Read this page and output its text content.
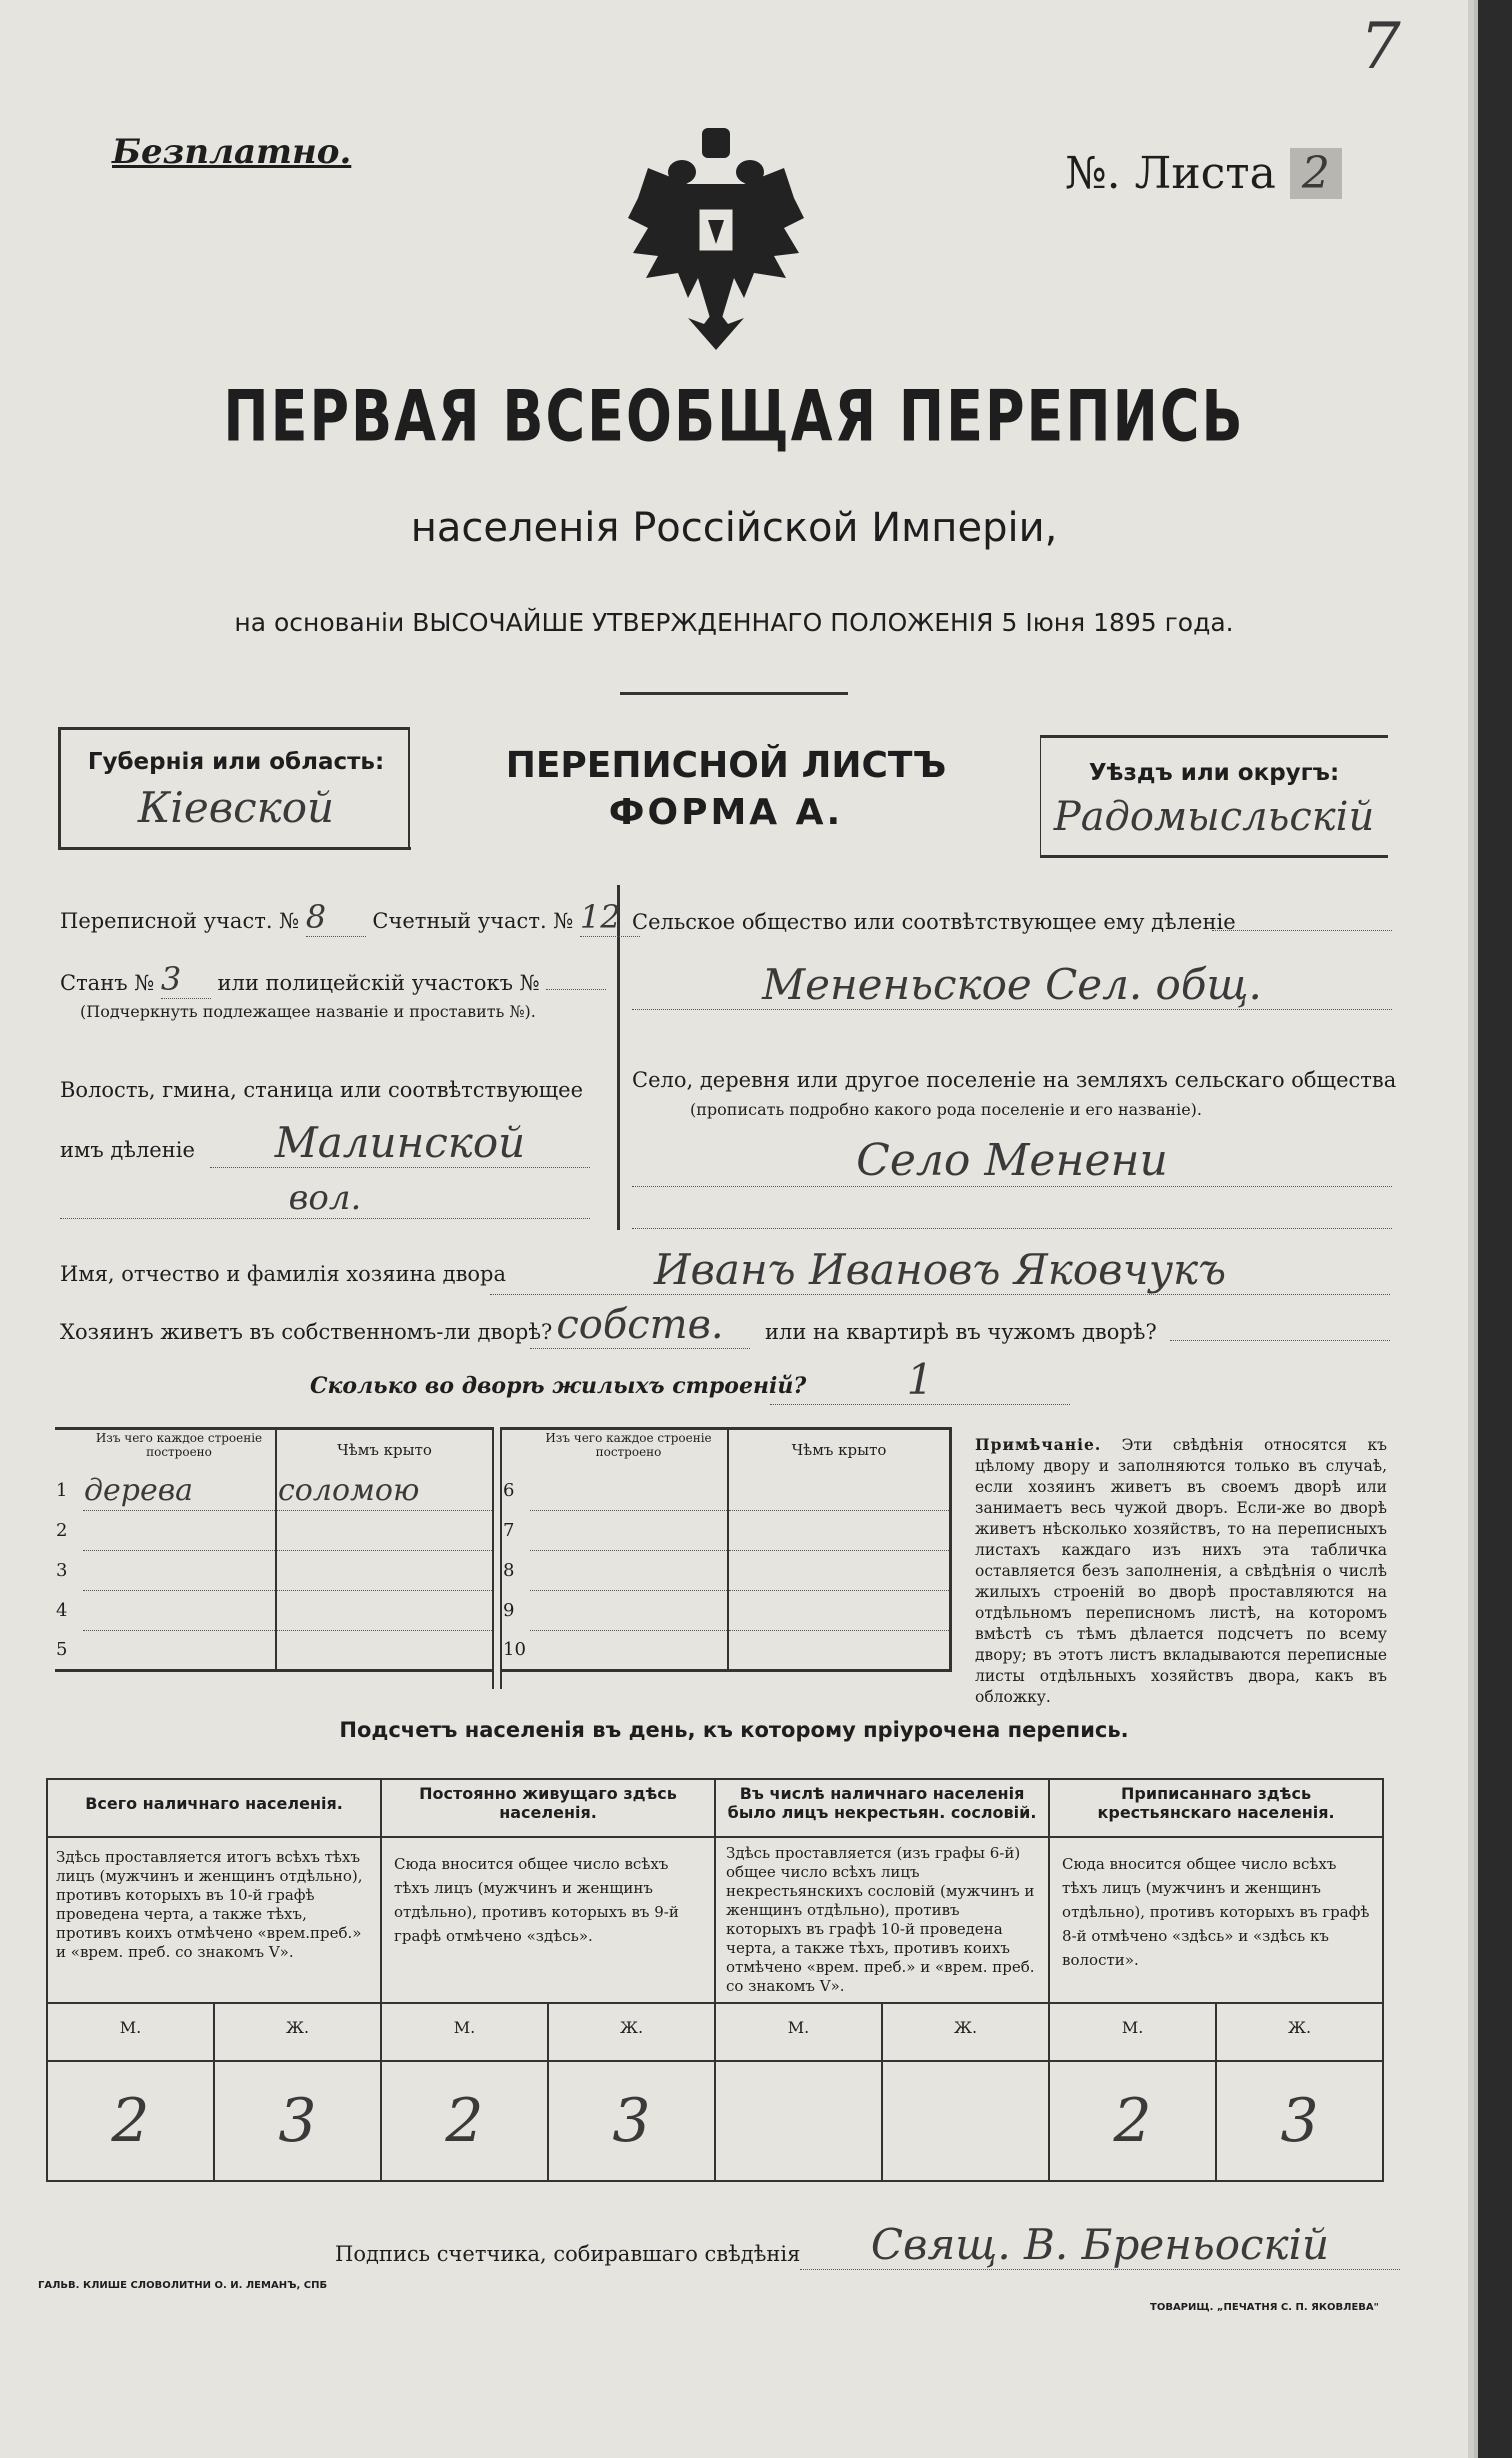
7
Безплатно.	№. Листа 2
ПЕРВАЯ ВСЕОБЩАЯ ПЕРЕПИСЬ
населенія Россійской Имперіи,
на основаніи ВЫСОЧАЙШЕ УТВЕРЖДЕННАГО ПОЛОЖЕНІЯ 5 Іюня 1895 года.
Губернія или область:
Кіевской
ПЕРЕПИСНОЙ ЛИСТЪ
ФОРМА А.
Уѣздъ или округъ:
Радомысльскій
Переписной участ. № 8 Счетный участ. № 12
Станъ № 3 или полицейскій участокъ №
(Подчеркнуть подлежащее названіе и проставить №).
Волость, гмина, станица или соотвѣтствующее
имъ дѣленіе	Малинской
вол.
Сельское общество или соотвѣтствующее ему дѣленіе
Мененьское Сел. общ.
Село, деревня или другое поселеніе на земляхъ сельскаго общества
(прописать подробно какого рода поселеніе и его названіе).
Село Менени
Имя, отчество и фамилія хозяина двора	Иванъ Ивановъ Яковчукъ
Хозяинъ живетъ въ собственномъ-ли дворѣ? собств.	или на квартирѣ въ чужомъ дворѣ?
Сколько во дворѣ жилыхъ строеній?	1
	Изъ чего каждое строеніе построено	Чѣмъ крыто
1	дерева	соломою
2		
3		
4		
5		
	Изъ чего каждое строеніе построено	Чѣмъ крыто
6		
7		
8		
9		
10		
Примѣчаніе. Эти свѣдѣнія относятся къ цѣлому двору и заполняются только въ случаѣ, если хозяинъ живетъ въ своемъ дворѣ или занимаетъ весь чужой дворъ. Если-же во дворѣ живетъ нѣсколько хозяйствъ, то на переписныхъ листахъ каждаго изъ нихъ эта табличка оставляется безъ заполненія, а свѣдѣнія о числѣ жилыхъ строеній во дворѣ проставляются на отдѣльномъ переписномъ листѣ, на которомъ вмѣстѣ съ тѣмъ дѣлается подсчетъ по всему двору; въ этотъ листъ вкладываются переписные листы отдѣльныхъ хозяйствъ двора, какъ въ обложку.
Подсчетъ населенія въ день, къ которому пріурочена перепись.
Всего наличнаго населенія.		Постоянно живущаго здѣсь населенія.		Въ числѣ наличнаго населенія было лицъ некрестьян. сословій.		Приписаннаго здѣсь крестьянскаго населенія.	
Здѣсь проставляется итогъ всѣхъ тѣхъ лицъ (мужчинъ и женщинъ отдѣльно), противъ которыхъ въ 10-й графѣ проведена черта, а также тѣхъ, противъ коихъ отмѣчено «врем.преб.» и «врем. преб. со знакомъ V».		Сюда вносится общее число всѣхъ тѣхъ лицъ (мужчинъ и женщинъ отдѣльно), противъ которыхъ въ 9-й графѣ отмѣчено «здѣсь».		Здѣсь проставляется (изъ графы 6-й) общее число всѣхъ лицъ некрестьянскихъ сословій (мужчинъ и женщинъ отдѣльно), противъ которыхъ въ графѣ 10-й проведена черта, а также тѣхъ, противъ коихъ отмѣчено «врем. преб.» и «врем. преб. со знакомъ V».		Сюда вносится общее число всѣхъ тѣхъ лицъ (мужчинъ и женщинъ отдѣльно), противъ которыхъ въ графѣ 8-й отмѣчено «здѣсь» и «здѣсь къ волости».	
М.	Ж.	М.	Ж.	М.	Ж.	М.	Ж.
2	3	2	3			2	3
Подпись счетчика, собиравшаго свѣдѣнія	Свящ. В. Бреньоскій
ГАЛЬВ. КЛИШЕ СЛОВОЛИТНИ О. И. ЛЕМАНЪ, СПБ
ТОВАРИЩ. „ПЕЧАТНЯ С. П. ЯКОВЛЕВА"
